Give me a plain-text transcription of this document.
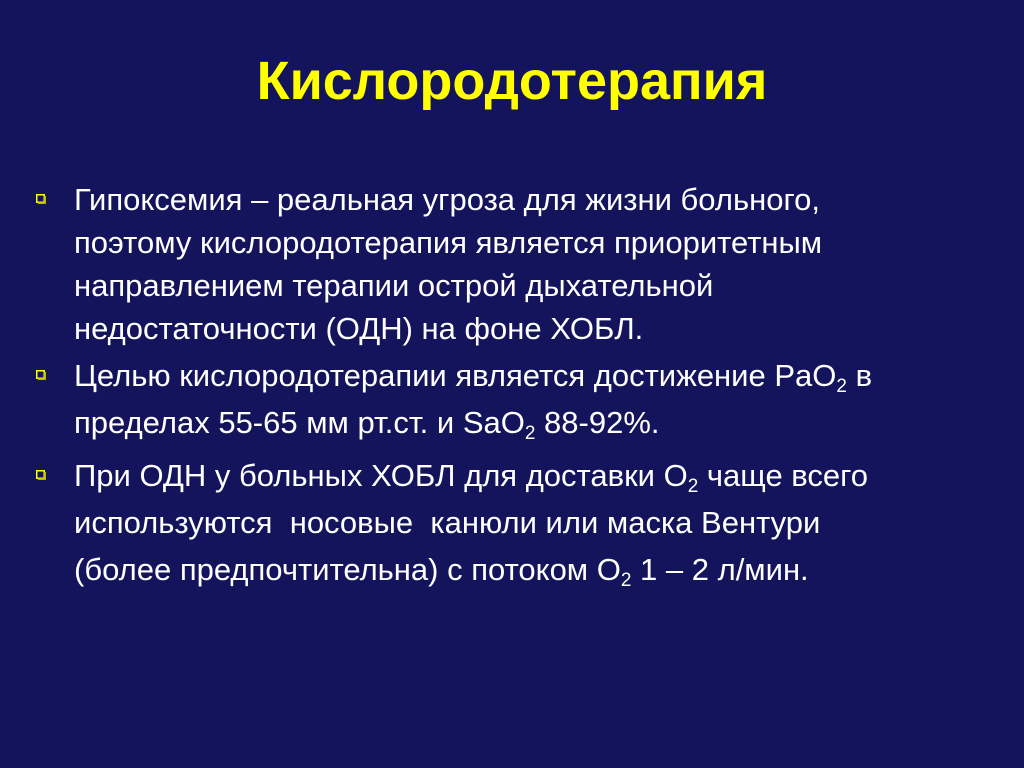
Кислородотерапия
Гипоксемия – реальная угроза для жизни больного,
поэтому кислородотерапия является приоритетным
направлением терапии острой дыхательной
недостаточности (ОДН) на фоне ХОБЛ.
Целью кислородотерапии является достижение PaO$_2$ в
пределах 55-65 мм рт.ст. и SaO$_2$ 88-92%.
При ОДН у больных ХОБЛ для доставки $O_2$ чаще всего
используются  носовые  канюли или маска Вентури
(более предпочтительна) с потоком $O_2$ 1 – 2 л/мин.
